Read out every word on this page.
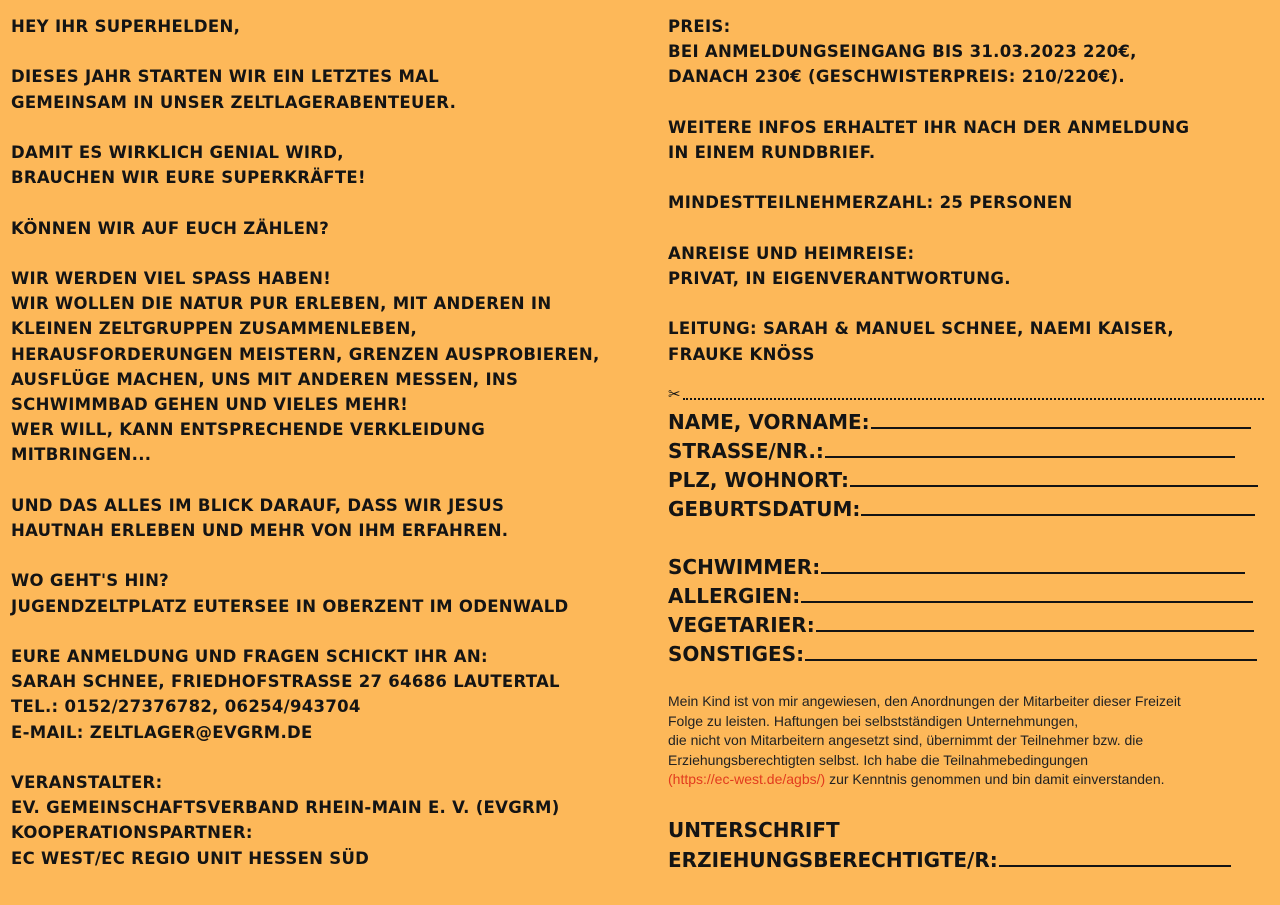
HEY IHR SUPERHELDEN,
DIESES JAHR STARTEN WIR EIN LETZTES MAL
GEMEINSAM IN UNSER ZELTLAGERABENTEUER.
DAMIT ES WIRKLICH GENIAL WIRD,
BRAUCHEN WIR EURE SUPERKRÄFTE!
KÖNNEN WIR AUF EUCH ZÄHLEN?
WIR WERDEN VIEL SPASS HABEN!
WIR WOLLEN DIE NATUR PUR ERLEBEN, MIT ANDEREN IN
KLEINEN ZELTGRUPPEN ZUSAMMENLEBEN,
HERAUSFORDERUNGEN MEISTERN, GRENZEN AUSPROBIEREN,
AUSFLÜGE MACHEN, UNS MIT ANDEREN MESSEN, INS
SCHWIMMBAD GEHEN UND VIELES MEHR!
WER WILL, KANN ENTSPRECHENDE VERKLEIDUNG
MITBRINGEN...
UND DAS ALLES IM BLICK DARAUF, DASS WIR JESUS
HAUTNAH ERLEBEN UND MEHR VON IHM ERFAHREN.
WO GEHT'S HIN?
JUGENDZELTPLATZ EUTERSEE IN OBERZENT IM ODENWALD
EURE ANMELDUNG UND FRAGEN SCHICKT IHR AN:
SARAH SCHNEE, FRIEDHOFSTRASSE 27 64686 LAUTERTAL
TEL.: 0152/27376782, 06254/943704
E-MAIL: ZELTLAGER@EVGRM.DE
VERANSTALTER:
EV. GEMEINSCHAFTSVERBAND RHEIN-MAIN E. V. (EVGRM)
KOOPERATIONSPARTNER:
EC WEST/EC REGIO UNIT HESSEN SÜD
PREIS:
BEI ANMELDUNGSEINGANG BIS 31.03.2023 220€,
DANACH 230€ (GESCHWISTERPREIS: 210/220€).
WEITERE INFOS ERHALTET IHR NACH DER ANMELDUNG
IN EINEM RUNDBRIEF.
MINDESTTEILNEHMERZAHL: 25 PERSONEN
ANREISE UND HEIMREISE:
PRIVAT, IN EIGENVERANTWORTUNG.
LEITUNG: SARAH & MANUEL SCHNEE, NAEMI KAISER,
FRAUKE KNÖSS
✂
NAME, VORNAME:
STRASSE/NR.:
PLZ, WOHNORT:
GEBURTSDATUM:
SCHWIMMER:
ALLERGIEN:
VEGETARIER:
SONSTIGES:
Mein Kind ist von mir angewiesen, den Anordnungen der Mitarbeiter dieser Freizeit
Folge zu leisten. Haftungen bei selbstständigen Unternehmungen,
die nicht von Mitarbeitern angesetzt sind, übernimmt der Teilnehmer bzw. die
Erziehungsberechtigten selbst. Ich habe die Teilnahmebedingungen
(https://ec-west.de/agbs/) zur Kenntnis genommen und bin damit einverstanden.
UNTERSCHRIFT
ERZIEHUNGSBERECHTIGTE/R:
